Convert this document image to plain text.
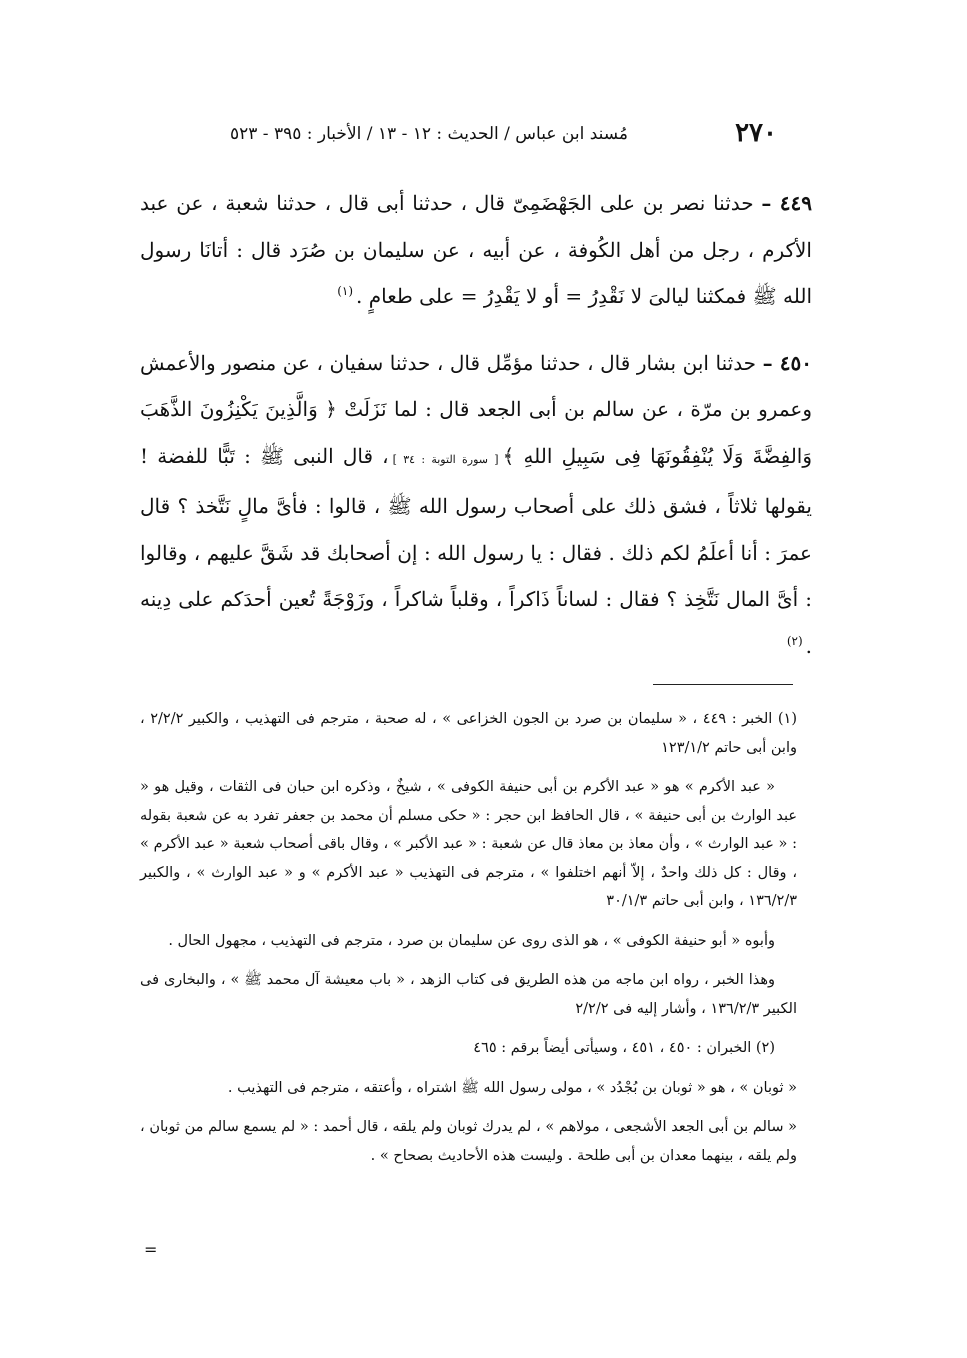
٢٧٠
مُسند ابن عباس / الحديث : ١٢ - ١٣ / الأخبار : ٣٩٥ - ٥٢٣

٤٤٩ – حدثنا نصر بن على الجَهْضَمِىّ قال ، حدثنا أبى قال ، حدثنا شعبة ، عن عبد الأكرم ، رجل من أهل الكُوفة ، عن أبيه ، عن سليمان بن صُرَد قال : أتانَا رسول الله ﷺ فمكثنا ليالىَ لا نَقْدِرُ = أو لا يَقْدِرُ = على طعامٍ .$^{(١)}$

٤٥٠ – حدثنا ابن بشار قال ، حدثنا مؤمِّل قال ، حدثنا سفيان ، عن منصور والأعمش وعمرو بن مرّة ، عن سالم بن أبى الجعد قال : لما نَزَلَتْ ﴿ وَالَّذِينَ يَكْنِزُونَ الذَّهَبَ وَالفِضَّةَ وَلَا يُنْفِقُونَهَا فِى سَبِيلِ اللهِ ﴾[ سورة التوبة : ٣٤ ]، قال النبى ﷺ : تَبًّا للفضة ! يقولها ثلاثاً ، فشق ذلك على أصحاب رسول الله ﷺ ، قالوا : فأىَّ مالٍ نَتَّخذ ؟ قال عمرَ : أنا أعلَمُ لكم ذلك . فقال : يا رسول الله : إن أصحابك قد شَقَّ عليهم ، وقالوا : أىَّ المال نَتَّخِذ ؟ فقال : لساناً ذَاكراً ، وقلباً شاكراً ، وزَوْجَةً تُعين أحدَكم على دِينه .$^{(٢)}$

(١) الخبر : ٤٤٩ ، « سليمان بن صرد بن الجون الخزاعى » ، له صحبة ، مترجم فى التهذيب ، والكبير ٢/٢/٢ ، وابن أبى حاتم ١٢٣/١/٢

« عبد الأكرم » هو « عبد الأكرم بن أبى حنيفة الكوفى » ، شيخٌ ، وذكره ابن حبان فى الثقات ، وقيل هو « عبد الوارث بن أبى حنيفة » ، قال الحافظ ابن حجر : « حكى مسلم أن محمد بن جعفر تفرد به عن شعبة بقوله : « عبد الوارث » ، وأن معاذ بن معاذ قال عن شعبة : « عبد الأكبر » ، وقال باقى أصحاب شعبة « عبد الأكرم » ، وقال : كل ذلك واحدٌ ، إلاّ أنهم اختلفوا » ، مترجم فى التهذيب « عبد الأكرم » و « عبد الوارث » ، والكبير ١٣٦/٢/٣ ، وابن أبى حاتم ٣٠/١/٣

وأبوه « أبو حنيفة الكوفى » ، هو الذى روى عن سليمان بن صرد ، مترجم فى التهذيب ، مجهول الحال .

وهذا الخبر ، رواه ابن ماجه من هذه الطريق فى كتاب الزهد ، « باب معيشة آل محمد ﷺ » ، والبخارى فى الكبير ١٣٦/٢/٣ ، وأشار إليه فى ٢/٢/٢

(٢) الخبران : ٤٥٠ ، ٤٥١ ، وسيأتى أيضاً برقم : ٤٦٥

« ثوبان » ، هو « ثوبان بن بُجْدُد » ، مولى رسول الله ﷺ اشتراه ، وأعتقه ، مترجم فى التهذيب .

« سالم بن أبى الجعد الأشجعى ، مولاهم » ، لم يدرك ثوبان ولم يلقه ، قال أحمد : « لم يسمع سالم من ثوبان ، ولم يلقه ، بينهما معدان بن أبى طلحة . وليست هذه الأحاديث بصحاح » .

=
